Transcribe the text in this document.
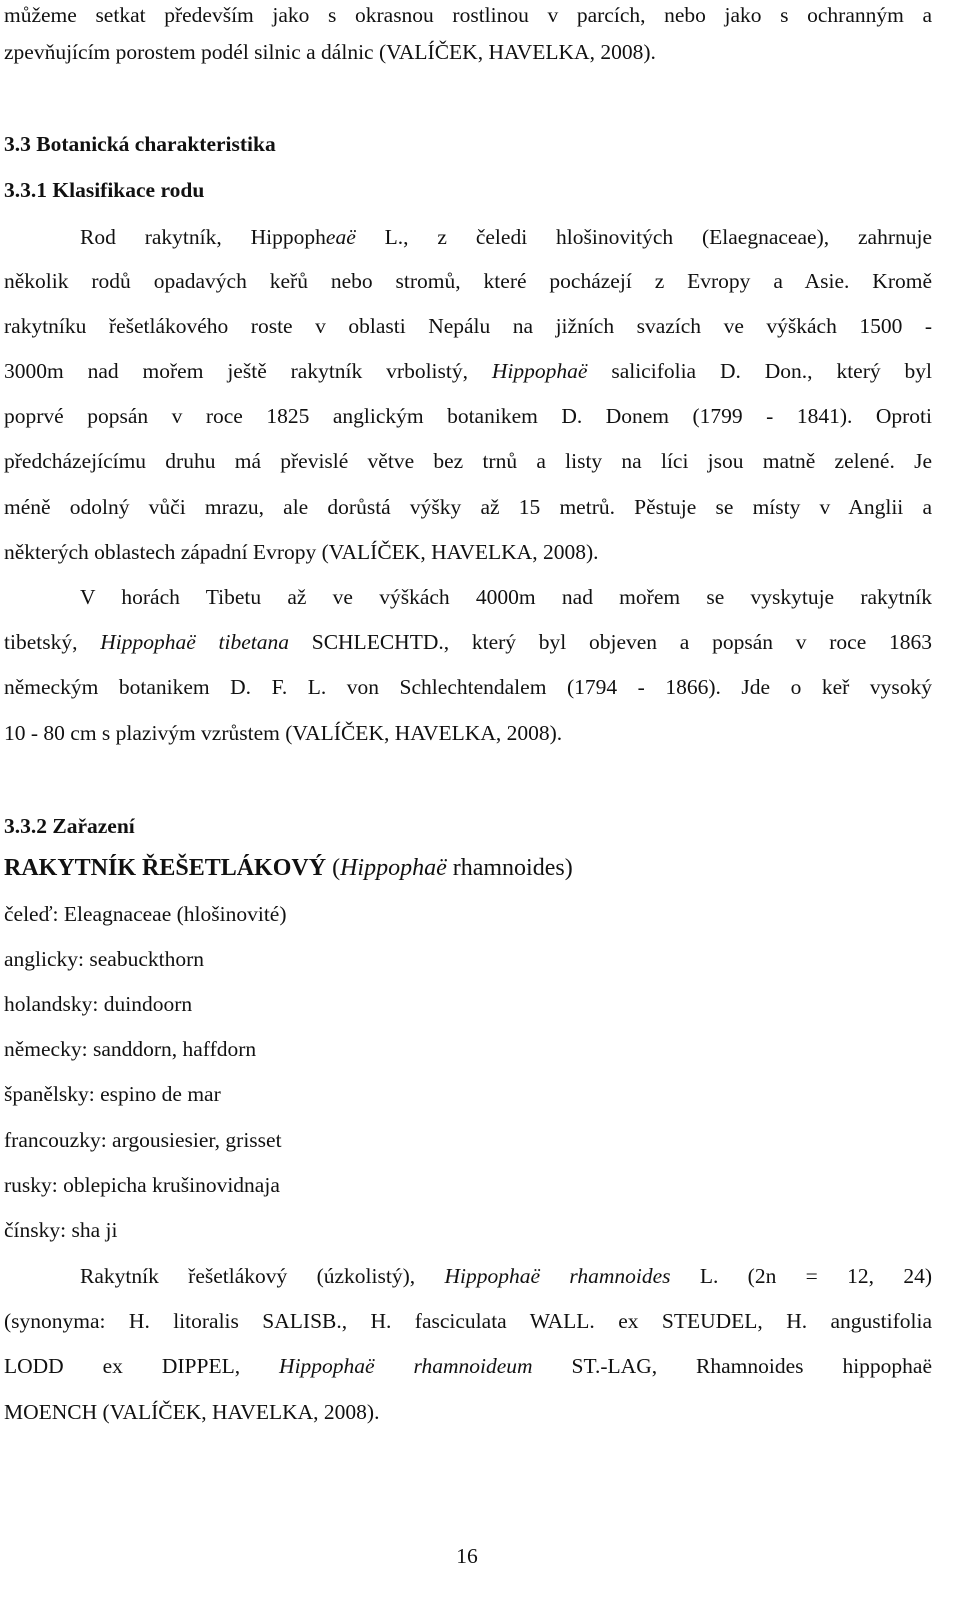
můžeme setkat především jako s okrasnou rostlinou v parcích, nebo jako s ochranným a
zpevňujícím porostem podél silnic a dálnic (VALÍČEK, HAVELKA, 2008).
3.3 Botanická charakteristika
3.3.1 Klasifikace rodu
Rod rakytník, Hippopheaë L., z čeledi hlošinovitých (Elaegnaceae), zahrnuje
několik rodů opadavých keřů nebo stromů, které pocházejí z Evropy a Asie. Kromě
rakytníku řešetlákového roste v oblasti Nepálu na jižních svazích ve výškách 1500 -
3000m nad mořem ještě rakytník vrbolistý, Hippophaë salicifolia D. Don., který byl
poprvé popsán v roce 1825 anglickým botanikem D. Donem (1799 - 1841). Oproti
předcházejícímu druhu má převislé větve bez trnů a listy na líci jsou matně zelené. Je
méně odolný vůči mrazu, ale dorůstá výšky až 15 metrů. Pěstuje se místy v Anglii a
některých oblastech západní Evropy (VALÍČEK, HAVELKA, 2008).
V horách Tibetu až ve výškách 4000m nad mořem se vyskytuje rakytník
tibetský, Hippophaë tibetana SCHLECHTD., který byl objeven a popsán v roce 1863
německým botanikem D. F. L. von Schlechtendalem (1794 - 1866). Jde o keř vysoký
10 - 80 cm s plazivým vzrůstem (VALÍČEK, HAVELKA, 2008).
3.3.2 Zařazení
RAKYTNÍK ŘEŠETLÁKOVÝ (Hippophaë rhamnoides)
čeleď: Eleagnaceae (hlošinovité)
anglicky: seabuckthorn
holandsky: duindoorn
německy: sanddorn, haffdorn
španělsky: espino de mar
francouzky: argousiesier, grisset
rusky: oblepicha krušinovidnaja
čínsky: sha ji
Rakytník řešetlákový (úzkolistý), Hippophaë rhamnoides L. (2n = 12, 24)
(synonyma: H. litoralis SALISB., H. fasciculata WALL. ex STEUDEL, H. angustifolia
LODD ex DIPPEL, Hippophaë rhamnoideum ST.-LAG, Rhamnoides hippophaë
MOENCH (VALÍČEK, HAVELKA, 2008).
16
